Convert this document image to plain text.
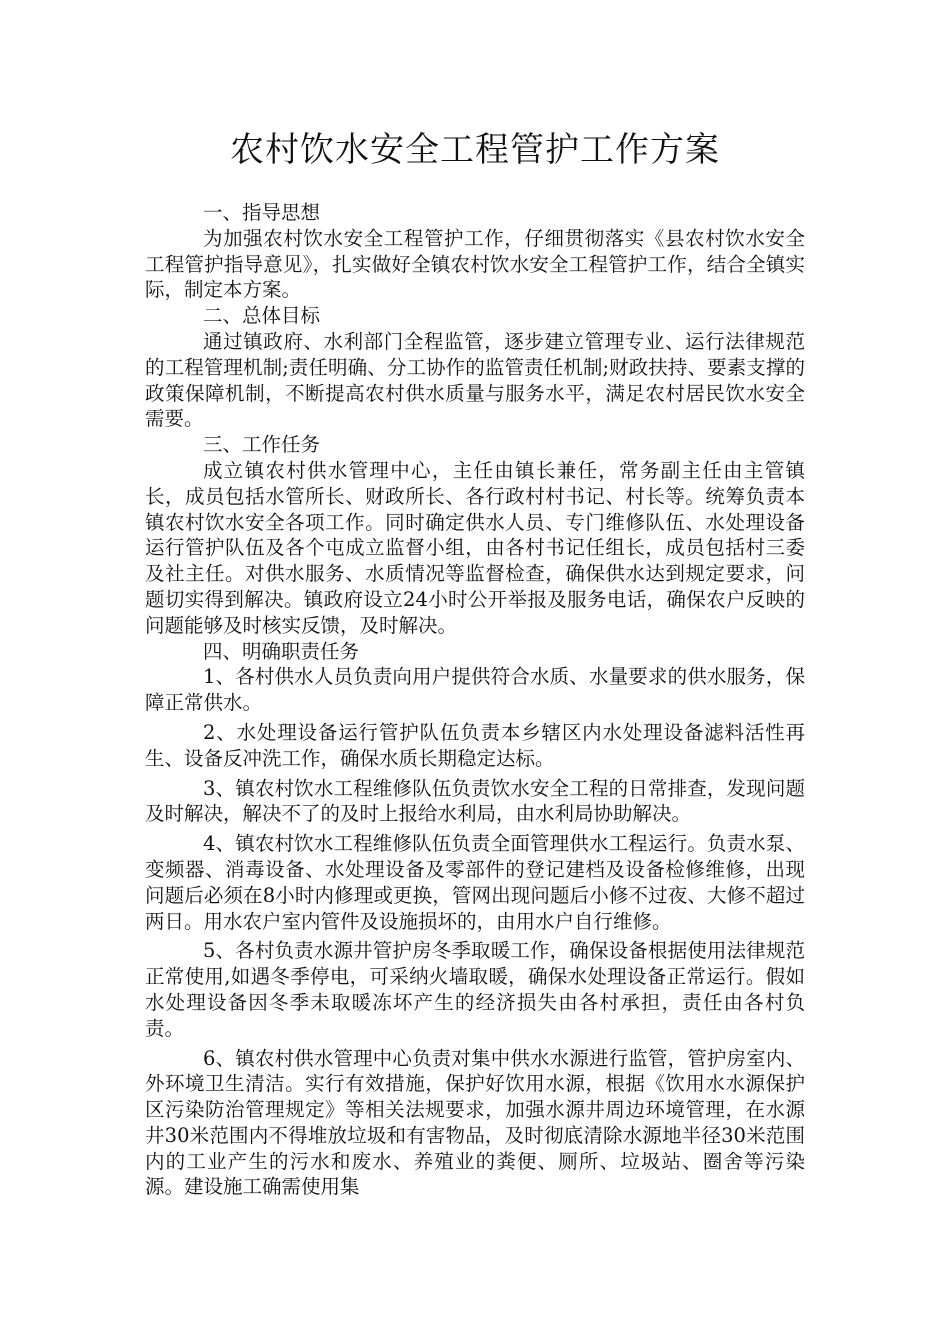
农村饮水安全工程管护工作方案

一、指导思想

为加强农村饮水安全工程管护工作，仔细贯彻落实《县农村饮水安全工程管护指导意见》，扎实做好全镇农村饮水安全工程管护工作，结合全镇实际，制定本方案。

二、总体目标

通过镇政府、水利部门全程监管，逐步建立管理专业、运行法律规范的工程管理机制;责任明确、分工协作的监管责任机制;财政扶持、要素支撑的政策保障机制，不断提高农村供水质量与服务水平，满足农村居民饮水安全需要。

三、工作任务

成立镇农村供水管理中心，主任由镇长兼任，常务副主任由主管镇长，成员包括水管所长、财政所长、各行政村村书记、村长等。统筹负责本镇农村饮水安全各项工作。同时确定供水人员、专门维修队伍、水处理设备运行管护队伍及各个屯成立监督小组，由各村书记任组长，成员包括村三委及社主任。对供水服务、水质情况等监督检查，确保供水达到规定要求，问题切实得到解决。镇政府设立24小时公开举报及服务电话，确保农户反映的问题能够及时核实反馈，及时解决。

四、明确职责任务

1、各村供水人员负责向用户提供符合水质、水量要求的供水服务，保障正常供水。

2、水处理设备运行管护队伍负责本乡辖区内水处理设备滤料活性再生、设备反冲洗工作，确保水质长期稳定达标。

3、镇农村饮水工程维修队伍负责饮水安全工程的日常排查，发现问题及时解决，解决不了的及时上报给水利局，由水利局协助解决。

4、镇农村饮水工程维修队伍负责全面管理供水工程运行。负责水泵、变频器、消毒设备、水处理设备及零部件的登记建档及设备检修维修，出现问题后必须在8小时内修理或更换，管网出现问题后小修不过夜、大修不超过两日。用水农户室内管件及设施损坏的，由用水户自行维修。

5、各村负责水源井管护房冬季取暖工作，确保设备根据使用法律规范正常使用,如遇冬季停电，可采纳火墙取暖，确保水处理设备正常运行。假如水处理设备因冬季未取暖冻坏产生的经济损失由各村承担，责任由各村负责。

6、镇农村供水管理中心负责对集中供水水源进行监管，管护房室内、外环境卫生清洁。实行有效措施，保护好饮用水源，根据《饮用水水源保护区污染防治管理规定》等相关法规要求，加强水源井周边环境管理，在水源井30米范围内不得堆放垃圾和有害物品，及时彻底清除水源地半径30米范围内的工业产生的污水和废水、养殖业的粪便、厕所、垃圾站、圈舍等污染源。建设施工确需使用集
